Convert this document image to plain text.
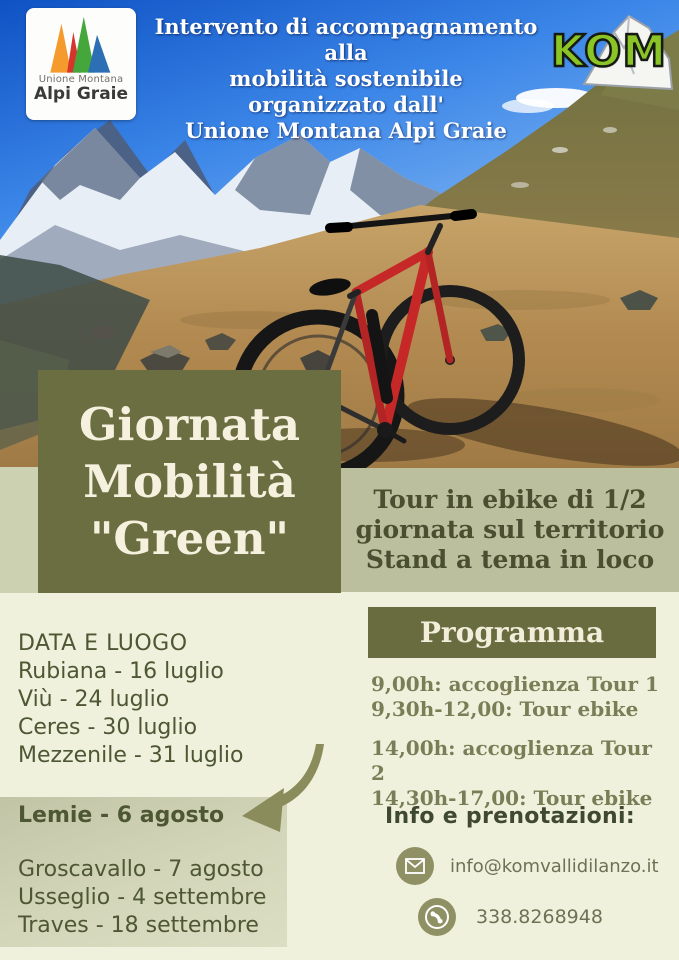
Unione Montana
Alpi Graie
Intervento di accompagnamento alla
mobilità sostenibile
organizzato dall'
Unione Montana Alpi Graie
KOM
Giornata
Mobilità
"Green"
Tour in ebike di 1/2
giornata sul territorio
Stand a tema in loco
DATA E LUOGO
Rubiana - 16 luglio
Viù - 24 luglio
Ceres - 30 luglio
Mezzenile - 31 luglio
Lemie - 6 agosto
Groscavallo - 7 agosto
Usseglio - 4 settembre
Traves - 18 settembre
Programma
9,00h: accoglienza Tour 1
9,30h-12,00: Tour ebike
14,00h: accoglienza Tour 2
14,30h-17,00: Tour ebike
Info e prenotazioni:
info@komvallidilanzo.it
338.8268948
